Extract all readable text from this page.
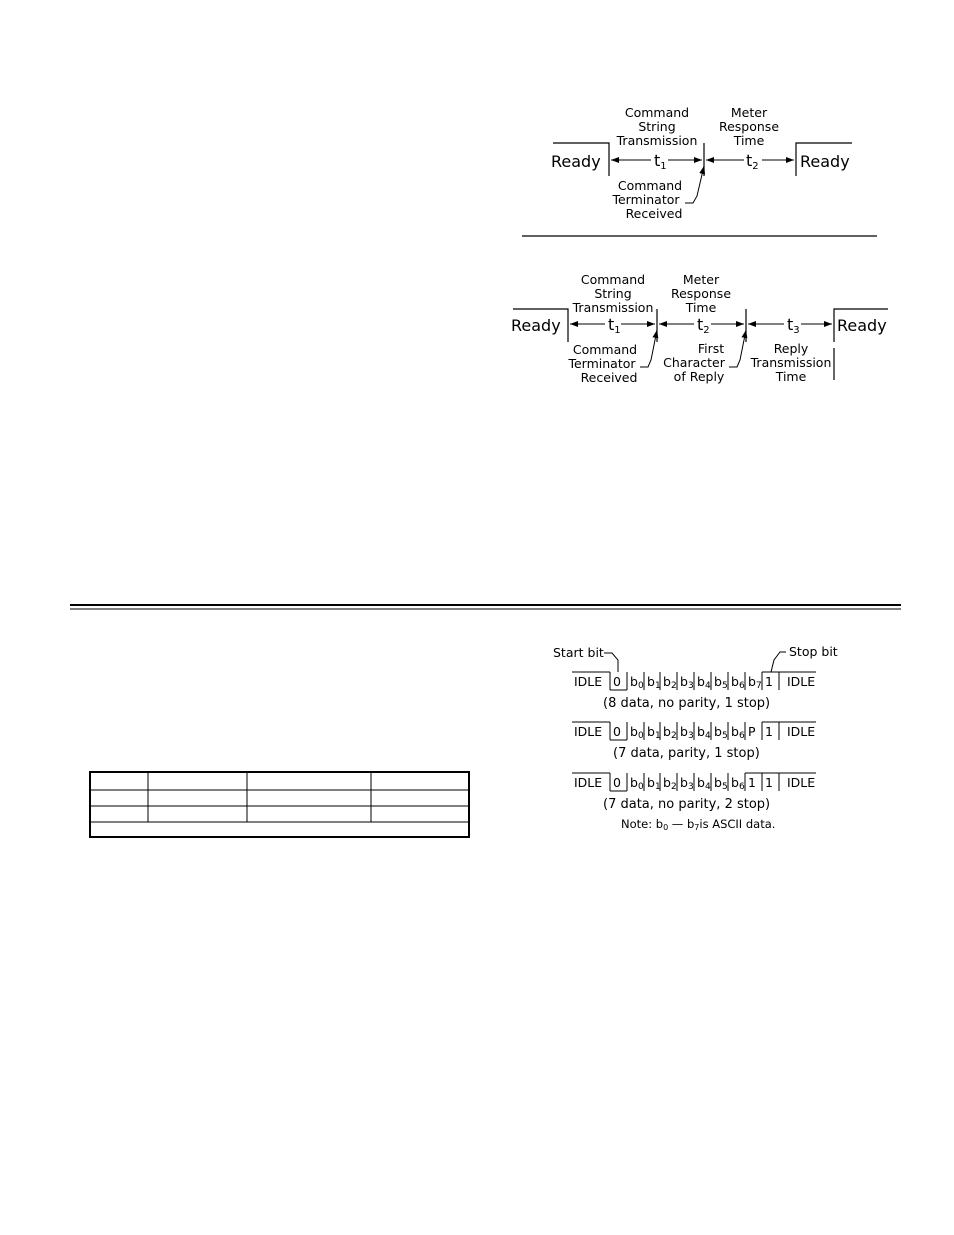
Command
String
Transmission
Meter
Response
Time
Ready	Ready
t1	t2
Command
Terminator
Received
Command
String
Transmission
Meter
Response
Time
Ready	Ready
t1	t2	t3
Command
Terminator
Received
First
Character
of Reply
Reply
Transmission
Time
Start bit	Stop bit
IDLE	IDLE
0 b0 b1 b2 b3 b4 b5 b6 b7 1
IDLE	IDLE
0 b0 b1 b2 b3 b4 b5 b6 P 1
IDLE	IDLE
0 b0 b1 b2 b3 b4 b5 b6 1 1
(8 data, no parity, 1 stop)
(7 data, parity, 1 stop)
(7 data, no parity, 2 stop)
Note: b0 — b7is ASCII data.
